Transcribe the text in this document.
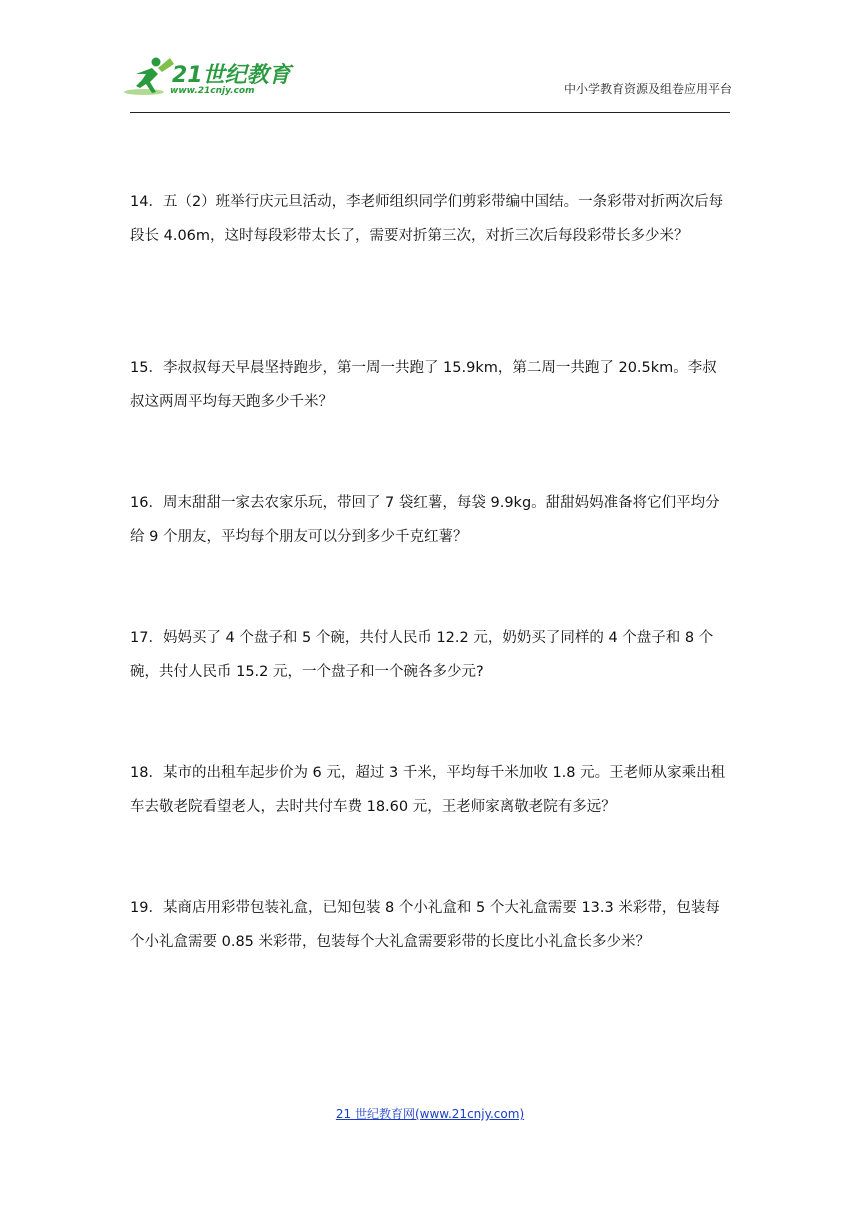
21世纪教育
www.21cnjy.com	中小学教育资源及组卷应用平台
14．五（2）班举行庆元旦活动，李老师组织同学们剪彩带编中国结。一条彩带对折两次后每段长 4.06m，这时每段彩带太长了，需要对折第三次，对折三次后每段彩带长多少米？
15．李叔叔每天早晨坚持跑步，第一周一共跑了 15.9km，第二周一共跑了 20.5km。李叔叔这两周平均每天跑多少千米？
16．周末甜甜一家去农家乐玩，带回了 7 袋红薯，每袋 9.9kg。甜甜妈妈准备将它们平均分给 9 个朋友，平均每个朋友可以分到多少千克红薯？
17．妈妈买了 4 个盘子和 5 个碗，共付人民币 12.2 元，奶奶买了同样的 4 个盘子和 8 个碗，共付人民币 15.2 元，一个盘子和一个碗各多少元?
18．某市的出租车起步价为 6 元，超过 3 千米，平均每千米加收 1.8 元。王老师从家乘出租车去敬老院看望老人，去时共付车费 18.60 元，王老师家离敬老院有多远？
19．某商店用彩带包装礼盒，已知包装 8 个小礼盒和 5 个大礼盒需要 13.3 米彩带，包装每个小礼盒需要 0.85 米彩带，包装每个大礼盒需要彩带的长度比小礼盒长多少米？
21 世纪教育网(www.21cnjy.com)
